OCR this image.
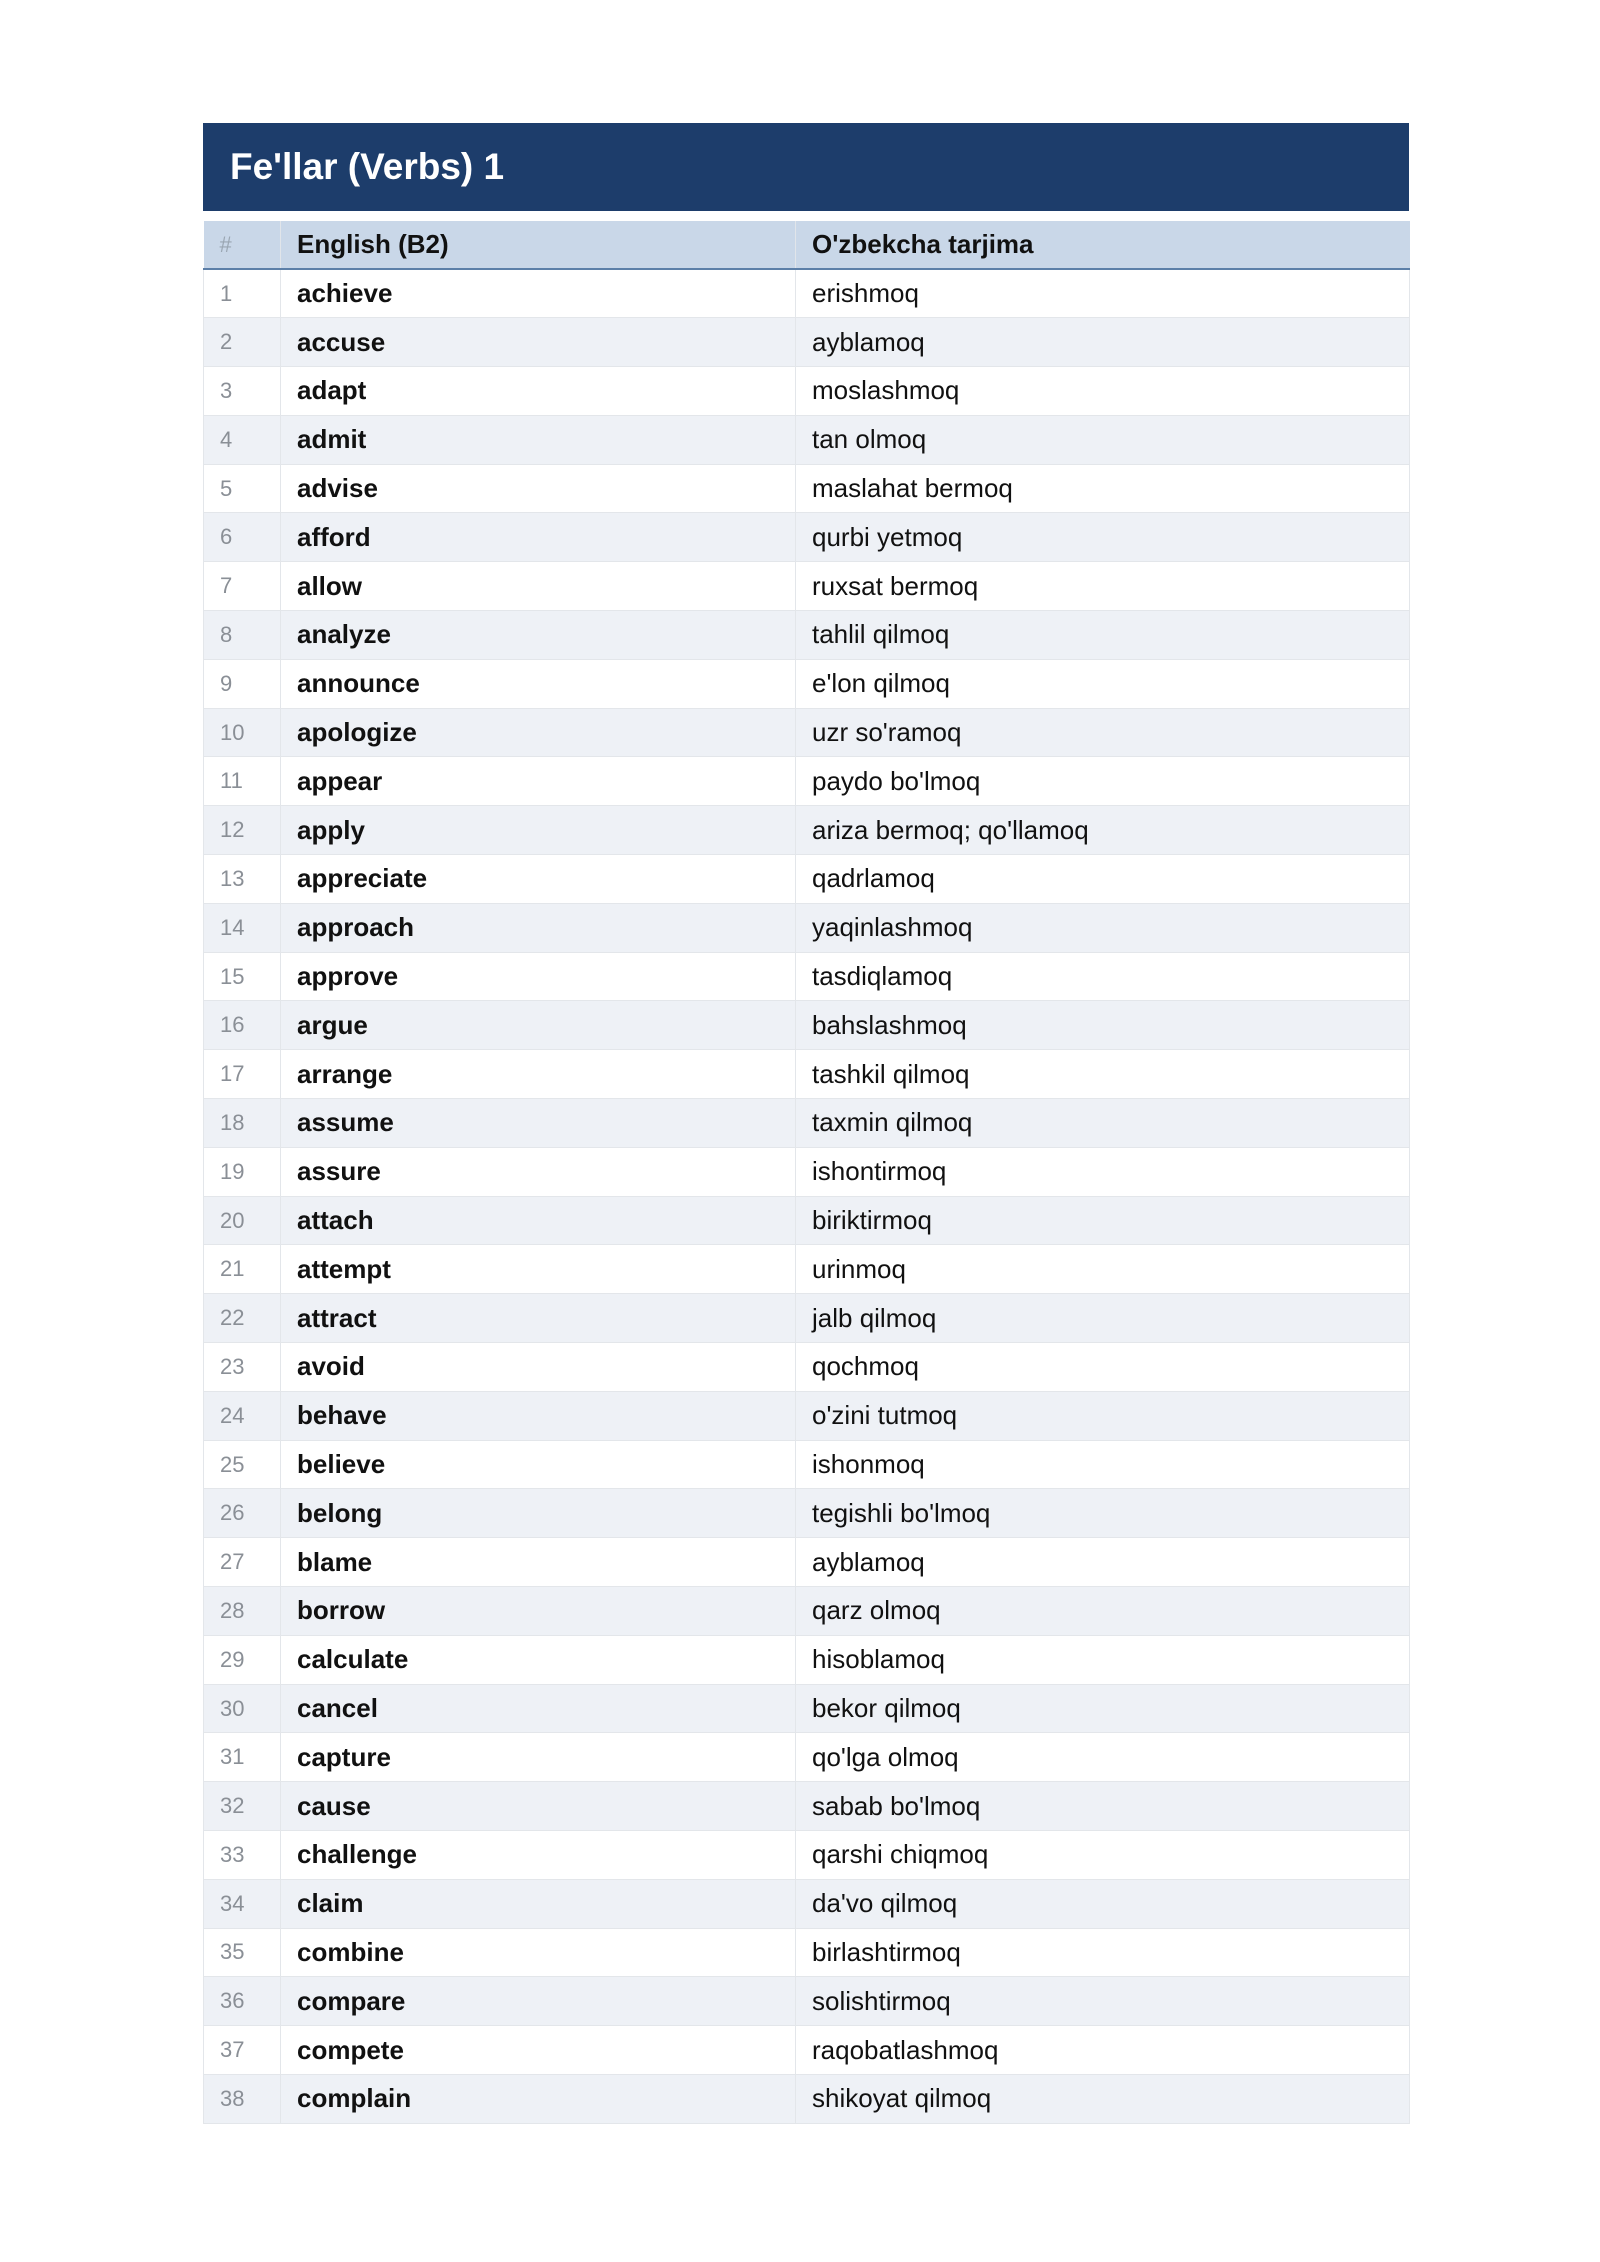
Fe'llar (Verbs) 1
#	English (B2)	O'zbekcha tarjima
1	achieve	erishmoq
2	accuse	ayblamoq
3	adapt	moslashmoq
4	admit	tan olmoq
5	advise	maslahat bermoq
6	afford	qurbi yetmoq
7	allow	ruxsat bermoq
8	analyze	tahlil qilmoq
9	announce	e'lon qilmoq
10	apologize	uzr so'ramoq
11	appear	paydo bo'lmoq
12	apply	ariza bermoq; qo'llamoq
13	appreciate	qadrlamoq
14	approach	yaqinlashmoq
15	approve	tasdiqlamoq
16	argue	bahslashmoq
17	arrange	tashkil qilmoq
18	assume	taxmin qilmoq
19	assure	ishontirmoq
20	attach	biriktirmoq
21	attempt	urinmoq
22	attract	jalb qilmoq
23	avoid	qochmoq
24	behave	o'zini tutmoq
25	believe	ishonmoq
26	belong	tegishli bo'lmoq
27	blame	ayblamoq
28	borrow	qarz olmoq
29	calculate	hisoblamoq
30	cancel	bekor qilmoq
31	capture	qo'lga olmoq
32	cause	sabab bo'lmoq
33	challenge	qarshi chiqmoq
34	claim	da'vo qilmoq
35	combine	birlashtirmoq
36	compare	solishtirmoq
37	compete	raqobatlashmoq
38	complain	shikoyat qilmoq
